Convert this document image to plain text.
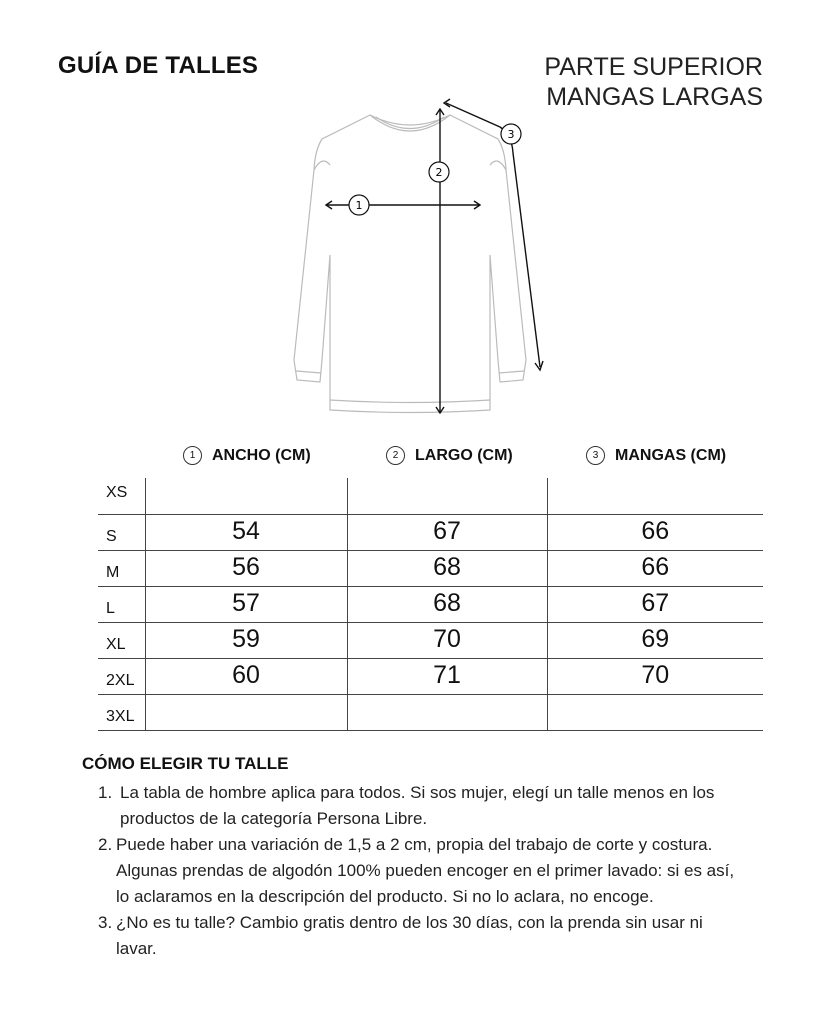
GUÍA DE TALLES	PARTE SUPERIOR
MANGAS LARGAS
1
2
3
1	ANCHO (CM)	2	LARGO (CM)	3	MANGAS (CM)
XS			
S	54	67	66
M	56	68	66
L	57	68	67
XL	59	70	69
2XL	60	71	70
3XL			
CÓMO ELEGIR TU TALLE
1. La tabla de hombre aplica para todos. Si sos mujer, elegí un talle menos en los productos de la categoría Persona Libre.
2. Puede haber una variación de 1,5 a 2 cm, propia del trabajo de corte y costura. Algunas prendas de algodón 100% pueden encoger en el primer lavado: si es así, lo aclaramos en la descripción del producto. Si no lo aclara, no encoge.
3. ¿No es tu talle? Cambio gratis dentro de los 30 días, con la prenda sin usar ni lavar.
